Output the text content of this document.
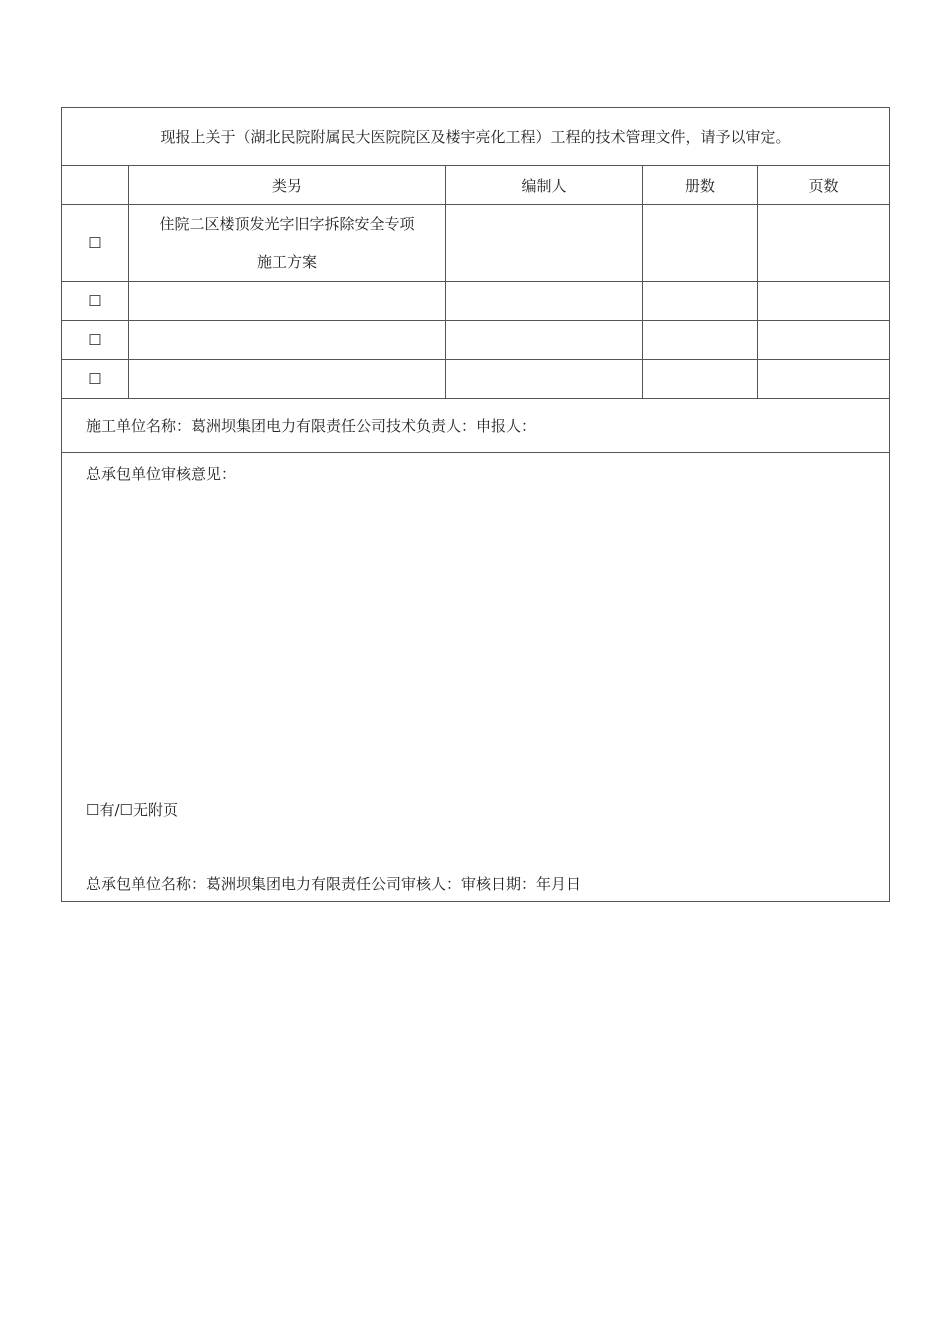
现报上关于（湖北民院附属民大医院院区及楼宇亮化工程）工程的技术管理文件，请予以审定。				
	类另	编制人	册数	页数
☐	住院二区楼顶发光字旧字拆除安全专项
施工方案			

☐				
☐				
☐				
施工单位名称：葛洲坝集团电力有限责任公司技术负责人：申报人：				

总承包单位审核意见：
☐有/☐无附页
总承包单位名称：葛洲坝集团电力有限责任公司审核人：审核日期：年月日				
